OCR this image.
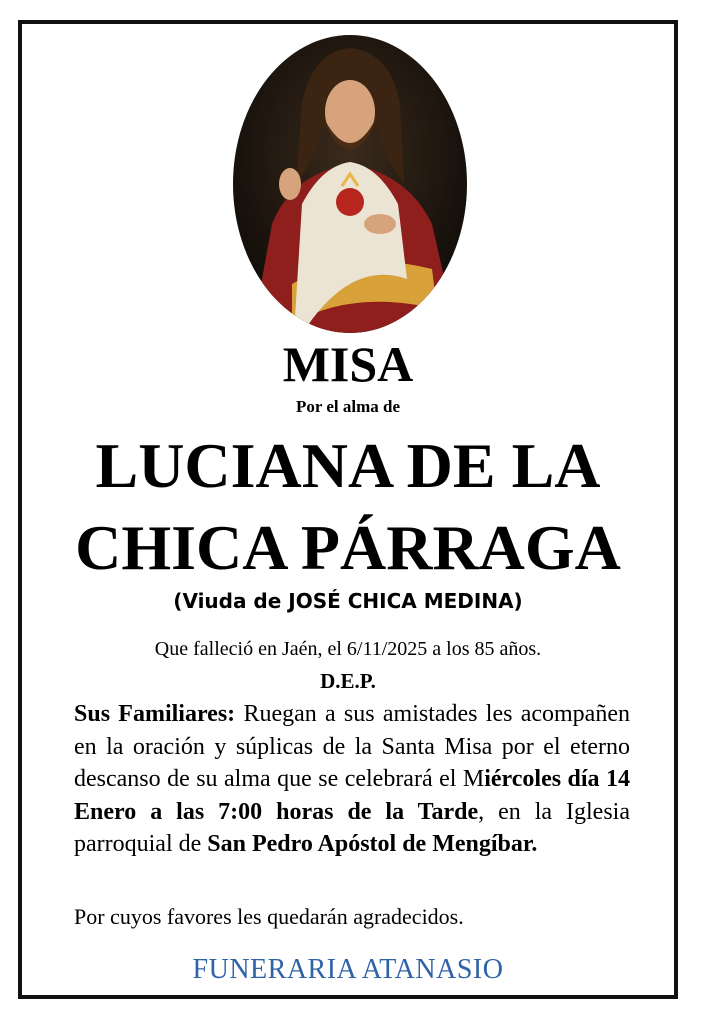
MISA
Por el alma de
LUCIANA DE LA
CHICA PÁRRAGA
(Viuda de JOSÉ CHICA MEDINA)
Que falleció en Jaén, el 6/11/2025 a los 85 años.
D.E.P.
Sus Familiares: Ruegan a sus amistades les acompañen en la oración y súplicas de la Santa Misa por el eterno descanso de su alma que se celebrará el Miércoles día 14 Enero a las 7:00 horas de la Tarde, en la Iglesia parroquial de San Pedro Apóstol de Mengíbar.
Por cuyos favores les quedarán agradecidos.
FUNERARIA ATANASIO
